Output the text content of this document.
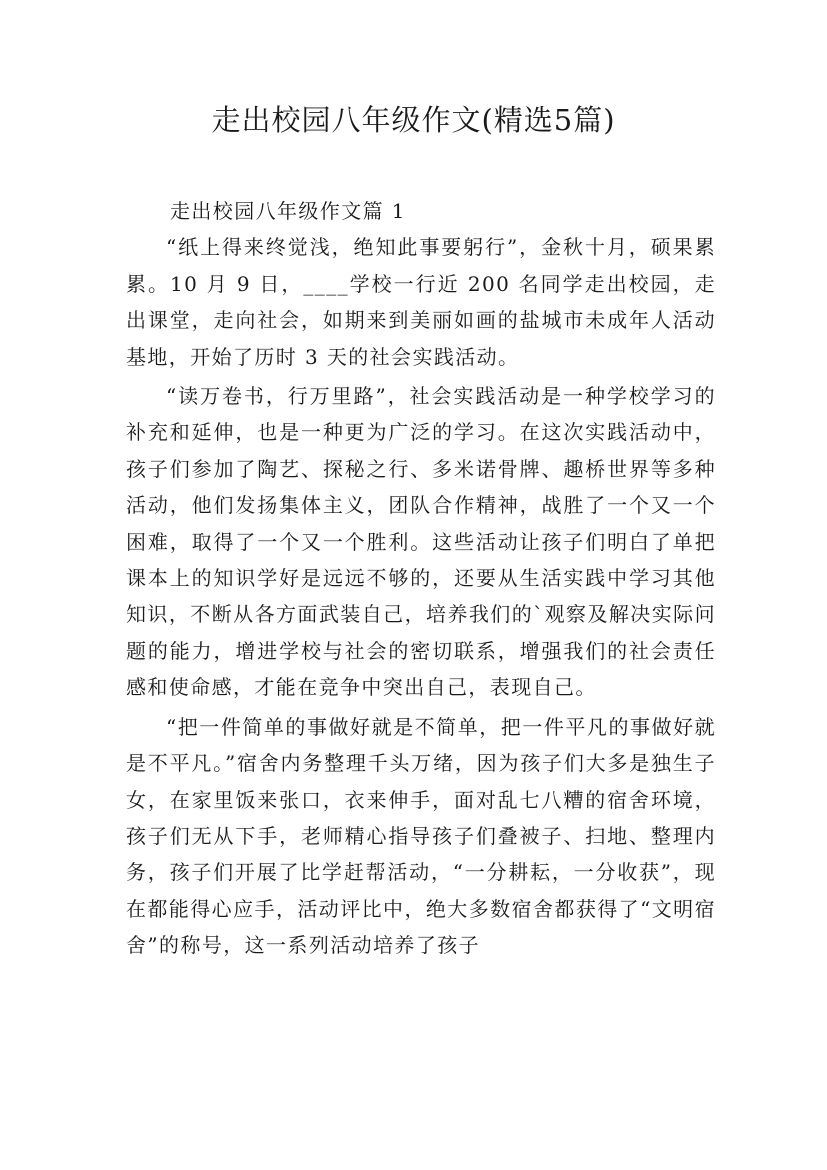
走出校园八年级作文(精选5篇)
走出校园八年级作文篇 1

“纸上得来终觉浅，绝知此事要躬行”，金秋十月，硕果累累。10 月 9 日，____学校一行近 200 名同学走出校园，走出课堂，走向社会，如期来到美丽如画的盐城市未成年人活动基地，开始了历时 3 天的社会实践活动。

“读万卷书，行万里路”，社会实践活动是一种学校学习的补充和延伸，也是一种更为广泛的学习。在这次实践活动中，孩子们参加了陶艺、探秘之行、多米诺骨牌、趣桥世界等多种活动，他们发扬集体主义，团队合作精神，战胜了一个又一个困难，取得了一个又一个胜利。这些活动让孩子们明白了单把课本上的知识学好是远远不够的，还要从生活实践中学习其他知识，不断从各方面武装自己，培养我们的`观察及解决实际问题的能力，增进学校与社会的密切联系，增强我们的社会责任感和使命感，才能在竞争中突出自己，表现自己。

“把一件简单的事做好就是不简单，把一件平凡的事做好就是不平凡。”宿舍内务整理千头万绪，因为孩子们大多是独生子女，在家里饭来张口，衣来伸手，面对乱七八糟的宿舍环境，孩子们无从下手，老师精心指导孩子们叠被子、扫地、整理内务，孩子们开展了比学赶帮活动，“一分耕耘，一分收获”，现在都能得心应手，活动评比中，绝大多数宿舍都获得了“文明宿舍”的称号，这一系列活动培养了孩子
